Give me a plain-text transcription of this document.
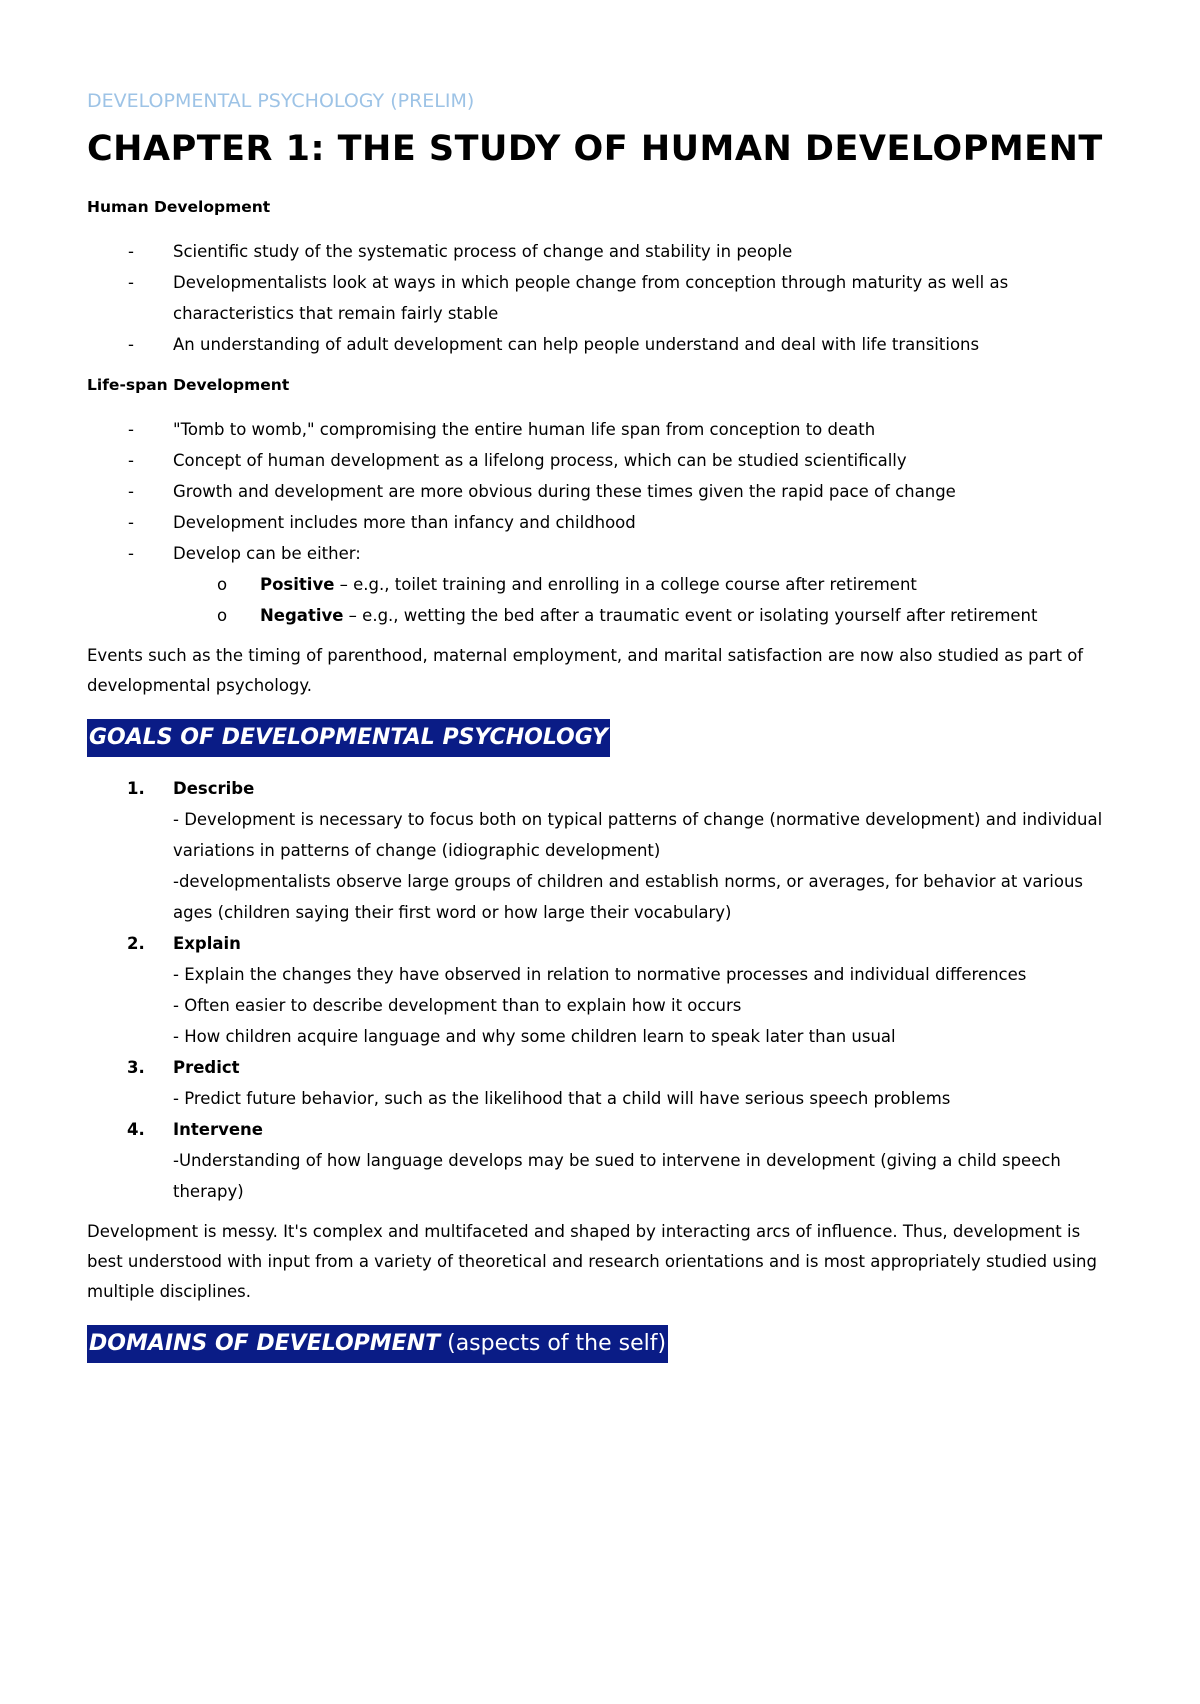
DEVELOPMENTAL PSYCHOLOGY (PRELIM)
CHAPTER 1: THE STUDY OF HUMAN DEVELOPMENT
Human Development
- Scientific study of the systematic process of change and stability in people
- Developmentalists look at ways in which people change from conception through maturity as well as characteristics that remain fairly stable
- An understanding of adult development can help people understand and deal with life transitions
Life-span Development
- "Tomb to womb," compromising the entire human life span from conception to death
- Concept of human development as a lifelong process, which can be studied scientifically
- Growth and development are more obvious during these times given the rapid pace of change
- Development includes more than infancy and childhood
- Develop can be either:
o Positive – e.g., toilet training and enrolling in a college course after retirement
o Negative – e.g., wetting the bed after a traumatic event or isolating yourself after retirement
Events such as the timing of parenthood, maternal employment, and marital satisfaction are now also studied as part of developmental psychology.
GOALS OF DEVELOPMENTAL PSYCHOLOGY
1. Describe
- Development is necessary to focus both on typical patterns of change (normative development) and individual variations in patterns of change (idiographic development)
-developmentalists observe large groups of children and establish norms, or averages, for behavior at various ages (children saying their first word or how large their vocabulary)
2. Explain
- Explain the changes they have observed in relation to normative processes and individual differences
- Often easier to describe development than to explain how it occurs
- How children acquire language and why some children learn to speak later than usual
3. Predict
- Predict future behavior, such as the likelihood that a child will have serious speech problems
4. Intervene
-Understanding of how language develops may be sued to intervene in development (giving a child speech therapy)
Development is messy. It's complex and multifaceted and shaped by interacting arcs of influence. Thus, development is best understood with input from a variety of theoretical and research orientations and is most appropriately studied using multiple disciplines.
DOMAINS OF DEVELOPMENT (aspects of the self)
